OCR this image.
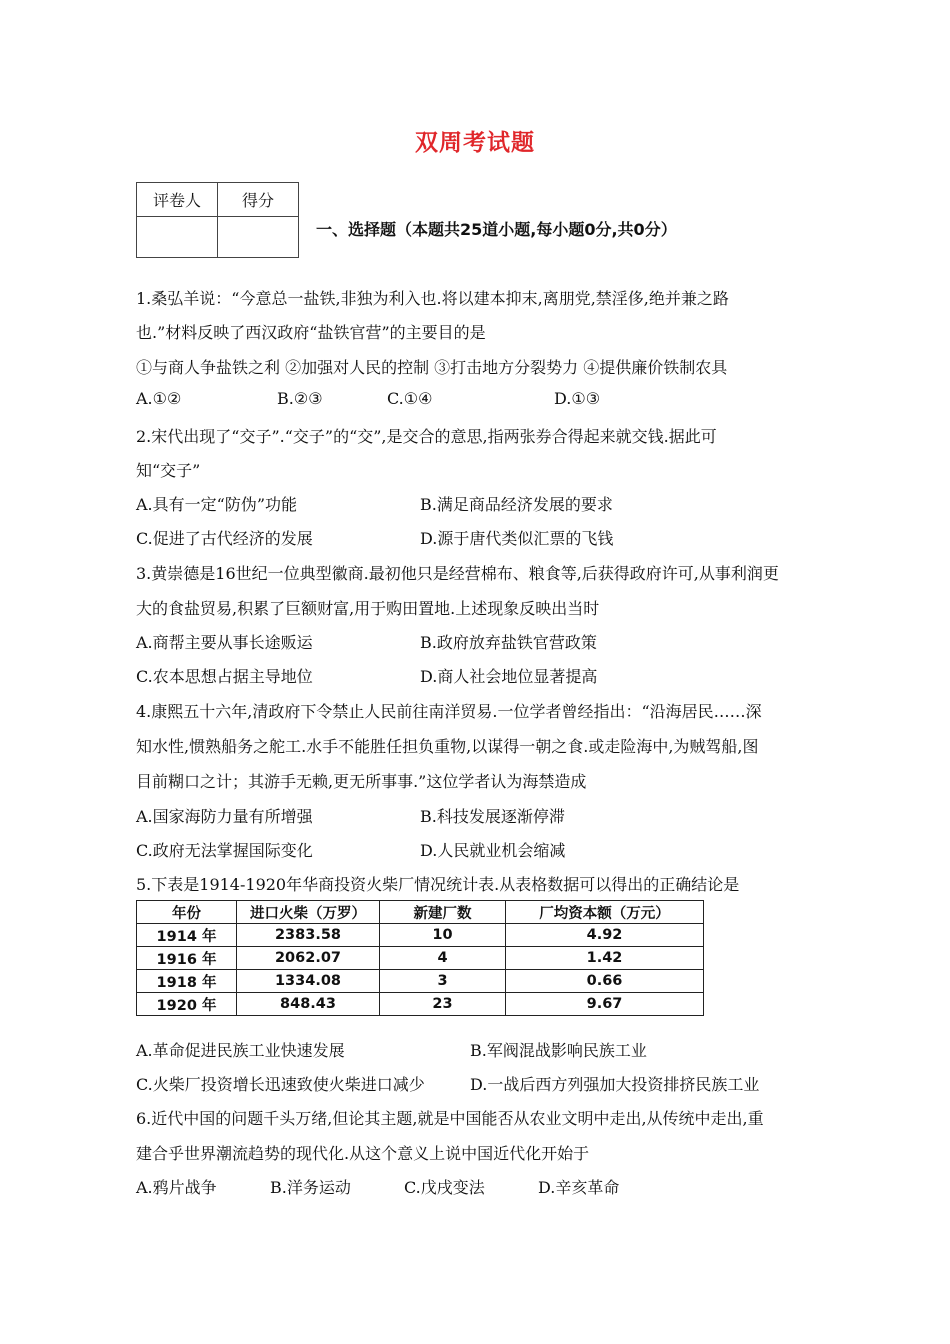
双周考试题
评卷人	得分

一、选择题（本题共25道小题,每小题0分,共0分）
1.桑弘羊说：“今意总一盐铁,非独为利入也.将以建本抑末,离朋党,禁淫侈,绝并兼之路
也.”材料反映了西汉政府“盐铁官营”的主要目的是
①与商人争盐铁之利 ②加强对人民的控制 ③打击地方分裂势力 ④提供廉价铁制农具
A.①②	B.②③	C.①④	D.①③
2.宋代出现了“交子”.“交子”的“交”,是交合的意思,指两张券合得起来就交钱.据此可
知“交子”
A.具有一定“防伪”功能	B.满足商品经济发展的要求
C.促进了古代经济的发展	D.源于唐代类似汇票的飞钱
3.黄崇德是16世纪一位典型徽商.最初他只是经营棉布、粮食等,后获得政府许可,从事利润更
大的食盐贸易,积累了巨额财富,用于购田置地.上述现象反映出当时
A.商帮主要从事长途贩运	B.政府放弃盐铁官营政策
C.农本思想占据主导地位	D.商人社会地位显著提高
4.康熙五十六年,清政府下令禁止人民前往南洋贸易.一位学者曾经指出：“沿海居民……深
知水性,惯熟船务之舵工.水手不能胜任担负重物,以谋得一朝之食.或走险海中,为贼驾船,图
目前糊口之计；其游手无赖,更无所事事.”这位学者认为海禁造成
A.国家海防力量有所增强	B.科技发展逐渐停滞
C.政府无法掌握国际变化	D.人民就业机会缩减
5.下表是1914-1920年华商投资火柴厂情况统计表.从表格数据可以得出的正确结论是
年份	进口火柴（万罗）	新建厂数	厂均资本额（万元）
1914 年	2383.58	10	4.92
1916 年	2062.07	4	1.42
1918 年	1334.08	3	0.66
1920 年	848.43	23	9.67
A.革命促进民族工业快速发展	B.军阀混战影响民族工业
C.火柴厂投资增长迅速致使火柴进口减少	D.一战后西方列强加大投资排挤民族工业
6.近代中国的问题千头万绪,但论其主题,就是中国能否从农业文明中走出,从传统中走出,重
建合乎世界潮流趋势的现代化.从这个意义上说中国近代化开始于
A.鸦片战争	B.洋务运动	C.戊戌变法	D.辛亥革命
